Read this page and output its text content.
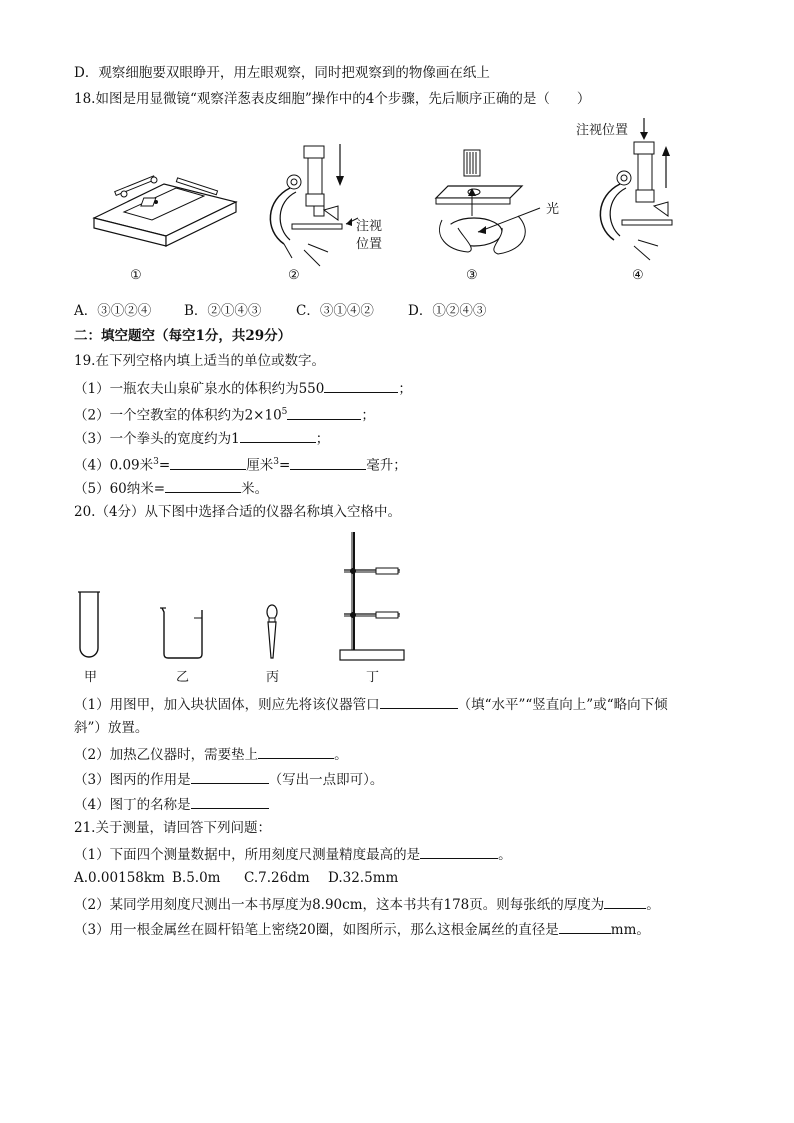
D．观察细胞要双眼睁开，用左眼观察，同时把观察到的物像画在纸上
18.如图是用显微镜“观察洋葱表皮细胞”操作中的4个步骤，先后顺序正确的是（　　）
①
注视
位置
②
光
③
注视位置
④
A．③①②④ B．②①④③	C．③①④②	D．①②④③
二：填空题空（每空1分，共29分）
19.在下列空格内填上适当的单位或数字。
（1）一瓶农夫山泉矿泉水的体积约为550	；
（2）一个空教室的体积约为$2\times 10^5$	；
（3）一个拳头的宽度约为1	；
（4）0.09米$^3$=	厘米$^3$=	毫升；
（5）60纳米=	米。
20.（4分）从下图中选择合适的仪器名称填入空格中。
甲	乙	丙	丁
（1）用图甲，加入块状固体，则应先将该仪器管口	（填“水平”“竖直向上”或“略向下倾
斜”）放置。
（2）加热乙仪器时，需要垫上	。
（3）图丙的作用是	（写出一点即可）。
（4）图丁的名称是
21.关于测量，请回答下列问题：
（1）下面四个测量数据中，所用刻度尺测量精度最高的是	。
A.0.00158km B.5.0m C.7.26dm D.32.5mm
（2）某同学用刻度尺测出一本书厚度为8.90cm，这本书共有178页。则每张纸的厚度为	。
（3）用一根金属丝在圆杆铅笔上密绕20圈，如图所示，那么这根金属丝的直径是	mm。
